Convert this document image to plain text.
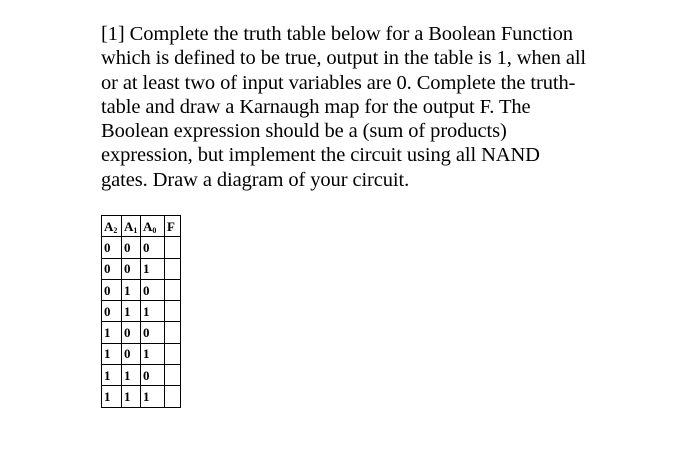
[1] Complete the truth table below for a Boolean Function
which is defined to be true, output in the table is 1, when all
or at least two of input variables are 0. Complete the truth-
table and draw a Karnaugh map for the output F. The
Boolean expression should be a (sum of products)
expression, but implement the circuit using all NAND
gates. Draw a diagram of your circuit.

$A_2$	$A_1$	$A_0$	F
0	0	0	
0	0	1	
0	1	0	
0	1	1	
1	0	0	
1	0	1	
1	1	0	
1	1	1	
